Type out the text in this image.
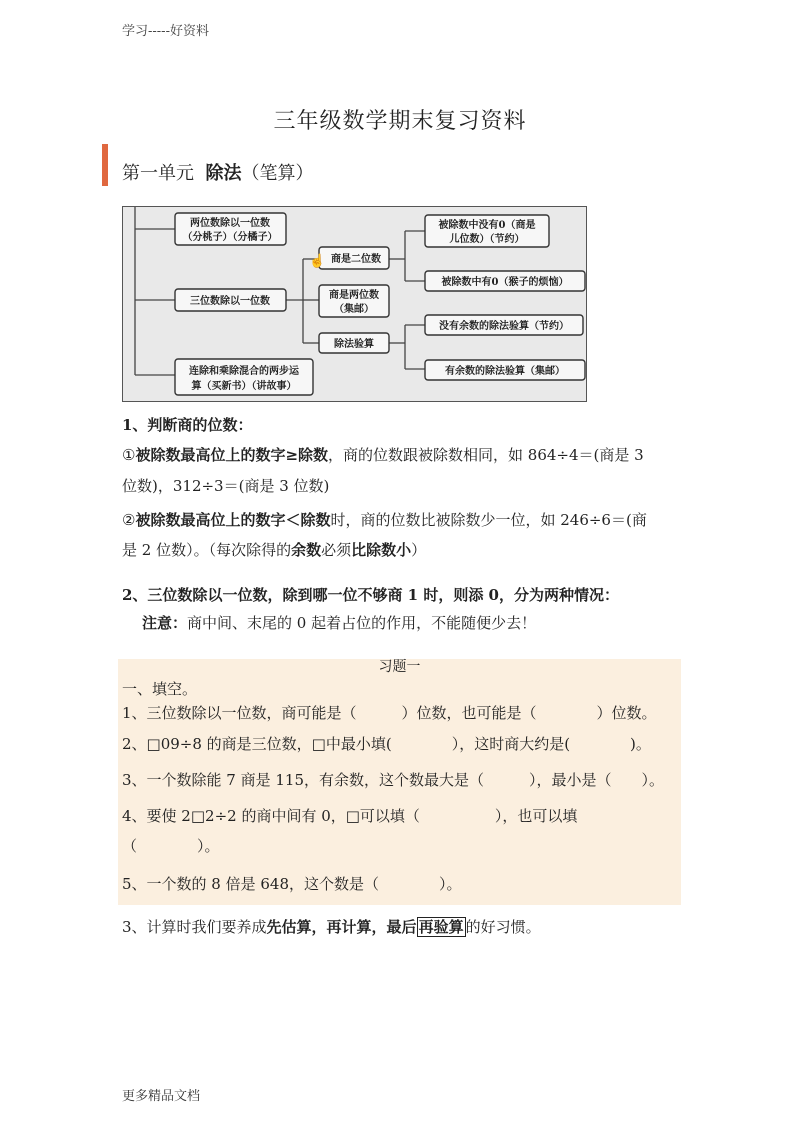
学习-----好资料
三年级数学期末复习资料
第一单元 除法（笔算）
☝
两位数除以一位数
（分桃子）（分橘子）
三位数除以一位数
连除和乘除混合的两步运
算（买新书）（讲故事）
商是二位数
商是两位数
（集邮）
除法验算
被除数中没有0（商是
儿位数）（节约）
被除数中有0（猴子的烦恼）
没有余数的除法验算（节约）
有余数的除法验算（集邮）
1、判断商的位数：
①被除数最高位上的数字≥除数，商的位数跟被除数相同，如 864÷4＝(商是 3
位数)，312÷3＝(商是 3 位数)
②被除数最高位上的数字＜除数时，商的位数比被除数少一位，如 246÷6＝(商
是 2 位数）。（每次除得的余数必须比除数小）
2、三位数除以一位数，除到哪一位不够商 1 时，则添 0，分为两种情况：
注意：商中间、末尾的 0 起着占位的作用，不能随便少去！
习题一
一、填空。
1、三位数除以一位数，商可能是（　　　）位数，也可能是（　　　　）位数。
2、□09÷8 的商是三位数，□中最小填(　　　　），这时商大约是(　　　　)。
3、一个数除能 7 商是 115，有余数，这个数最大是（　　　），最小是（　　）。
4、要使 2□2÷2 的商中间有 0，□可以填（　　　　　），也可以填
（　　　　）。
5、一个数的 8 倍是 648，这个数是（　　　　）。
3、计算时我们要养成先估算，再计算，最后 再验算 的好习惯。
更多精品文档
